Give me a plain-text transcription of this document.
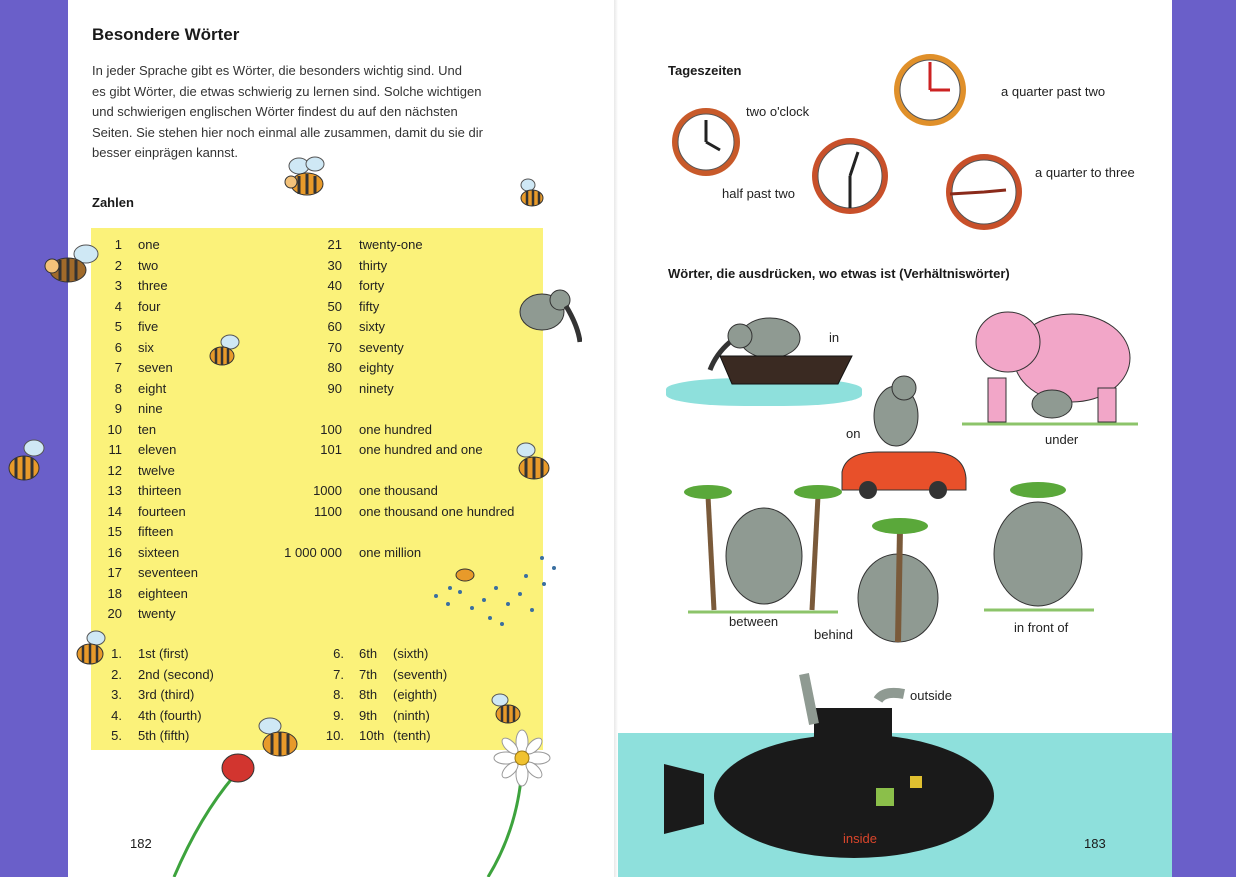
Besondere Wörter
In jeder Sprache gibt es Wörter, die besonders wichtig sind. Und
es gibt Wörter, die etwas schwierig zu lernen sind. Solche wichtigen
und schwierigen englischen Wörter findest du auf den nächsten
Seiten. Sie stehen hier noch einmal alle zusammen, damit du sie dir
besser einprägen kannst.
Zahlen
1 one
2 two
3 three
4 four
5 five
6 six
7 seven
8 eight
9 nine
10 ten
11 eleven
12 twelve
13 thirteen
14 fourteen
15 fifteen
16 sixteen
17 seventeen
18 eighteen
20 twenty
21 twenty-one
30 thirty
40 forty
50 fifty
60 sixty
70 seventy
80 eighty
90 ninety
100 one hundred
101 one hundred and one
1000 one thousand
1100 one thousand one hundred
1 000 000 one million
1. 1st (first)
2. 2nd (second)
3. 3rd (third)
4. 4th (fourth)
5. 5th (fifth)
6. 6th (sixth)
7. 7th (seventh)
8. 8th (eighth)
9. 9th (ninth)
10. 10th (tenth)
182
Tageszeiten
two o'clock
a quarter past two
half past two
a quarter to three
Wörter, die ausdrücken, wo etwas ist (Verhältniswörter)
in
under
on
between
behind	in front of
outside
inside	183
